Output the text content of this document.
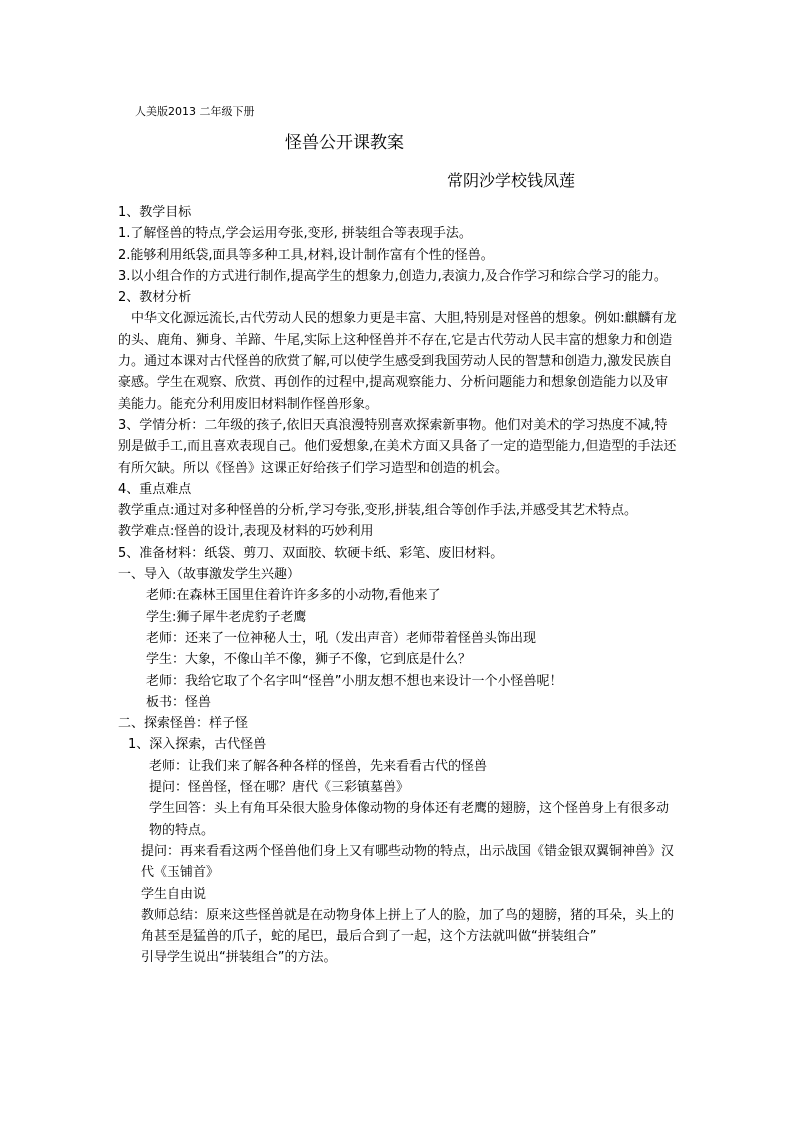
人美版2013 二年级下册
怪兽公开课教案
常阴沙学校钱凤莲

1、教学目标

1.了解怪兽的特点,学会运用夸张,变形, 拼装组合等表现手法。

2.能够利用纸袋,面具等多种工具,材料,设计制作富有个性的怪兽。

3.以小组合作的方式进行制作,提高学生的想象力,创造力,表演力,及合作学习和综合学习的能力。

2、教材分析

中华文化源远流长,古代劳动人民的想象力更是丰富、大胆,特别是对怪兽的想象。例如:麒麟有龙的头、鹿角、狮身、羊蹄、牛尾,实际上这种怪兽并不存在,它是古代劳动人民丰富的想象力和创造力。通过本课对古代怪兽的欣赏了解,可以使学生感受到我国劳动人民的智慧和创造力,激发民族自豪感。学生在观察、欣赏、再创作的过程中,提高观察能力、分析问题能力和想象创造能力以及审美能力。能充分利用废旧材料制作怪兽形象。

3、学情分析：二年级的孩子,依旧天真浪漫特别喜欢探索新事物。他们对美术的学习热度不减,特别是做手工,而且喜欢表现自己。他们爱想象,在美术方面又具备了一定的造型能力,但造型的手法还有所欠缺。所以《怪兽》这课正好给孩子们学习造型和创造的机会。

4、重点难点

教学重点:通过对多种怪兽的分析,学习夸张,变形,拼装,组合等创作手法,并感受其艺术特点。

教学难点:怪兽的设计,表现及材料的巧妙利用

5、准备材料：纸袋、剪刀、双面胶、软硬卡纸、彩笔、废旧材料。

一、导入（故事激发学生兴趣）

老师:在森林王国里住着许许多多的小动物,看他来了

学生:狮子犀牛老虎豹子老鹰

老师：还来了一位神秘人士，吼（发出声音）老师带着怪兽头饰出现

学生：大象，不像山羊不像，狮子不像，它到底是什么？

老师：我给它取了个名字叫“怪兽”小朋友想不想也来设计一个小怪兽呢！

板书：怪兽

二、探索怪兽：样子怪

1、深入探索，古代怪兽

老师：让我们来了解各种各样的怪兽，先来看看古代的怪兽

提问：怪兽怪，怪在哪？唐代《三彩镇墓兽》

学生回答：头上有角耳朵很大脸身体像动物的身体还有老鹰的翅膀，这个怪兽身上有很多动物的特点。

提问：再来看看这两个怪兽他们身上又有哪些动物的特点，出示战国《错金银双翼铜神兽》汉代《玉铺首》

学生自由说

教师总结：原来这些怪兽就是在动物身体上拼上了人的脸，加了鸟的翅膀，猪的耳朵，头上的角甚至是猛兽的爪子，蛇的尾巴，最后合到了一起，这个方法就叫做“拼装组合”

引导学生说出“拼装组合”的方法。
